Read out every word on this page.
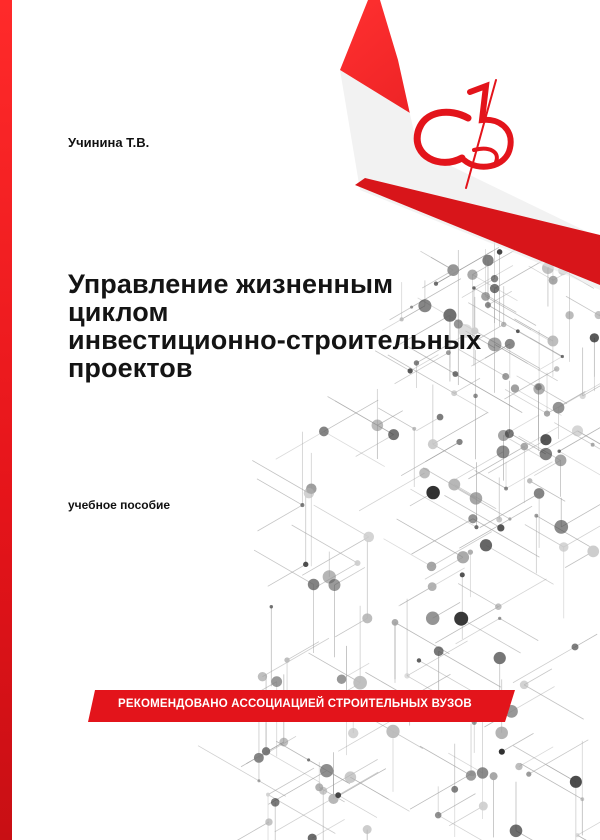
Учинина Т.В.
Управление жизненным
циклом
инвестиционно-строительных
проектов
учебное пособие
РЕКОМЕНДОВАНО АССОЦИАЦИЕЙ СТРОИТЕЛЬНЫХ ВУЗОВ
